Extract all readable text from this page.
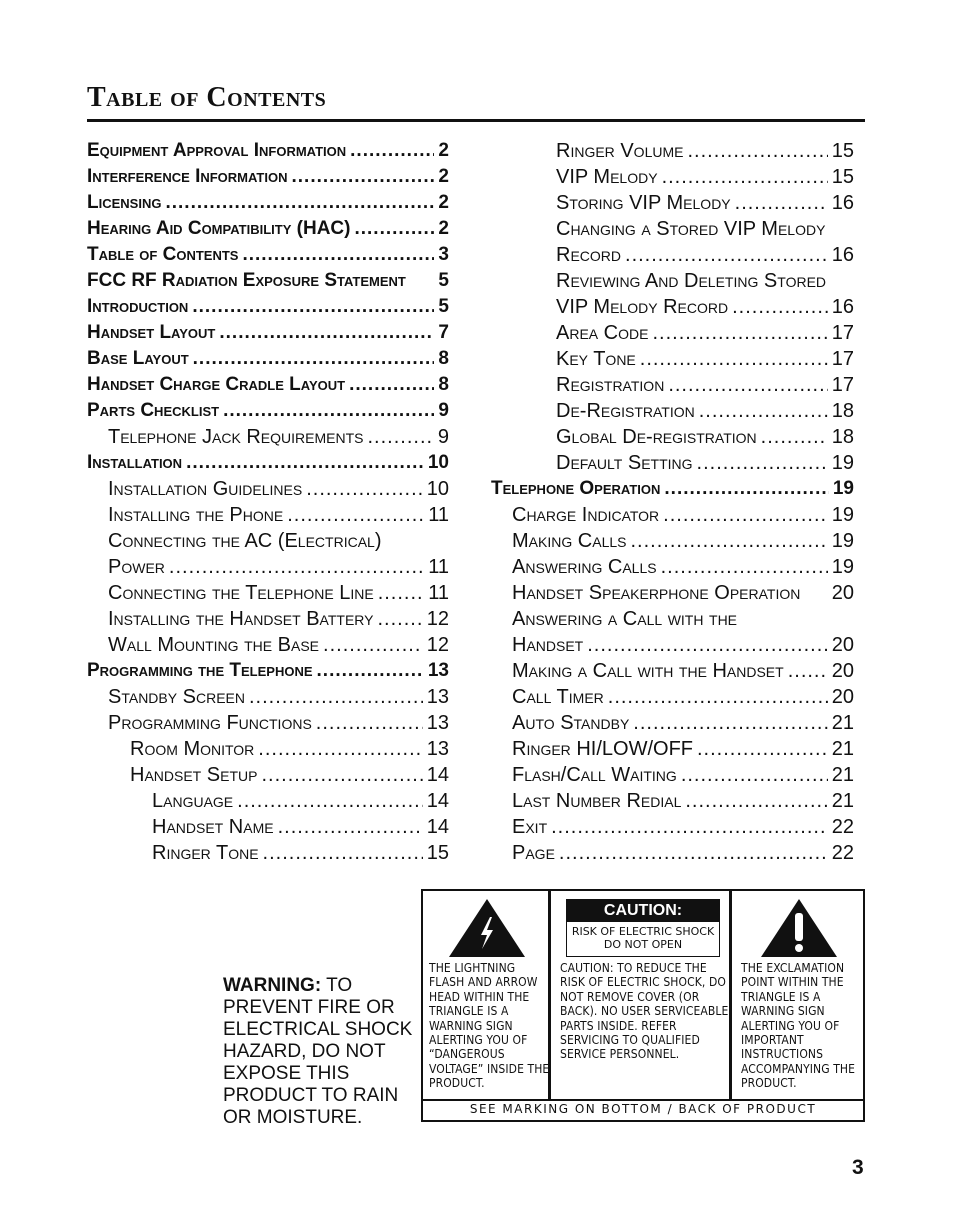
Table of Contents
Equipment Approval Information .....	2
Interference Information .....	2
Licensing .....	2
Hearing Aid Compatibility (HAC) .....	2
Table of Contents .....	3
FCC RF Radiation Exposure Statement 5
Introduction .....	5
Handset Layout .....	7
Base Layout .....	8
Handset Charge Cradle Layout .....	8
Parts Checklist .....	9
Telephone Jack Requirements .....	9
Installation .....	10
Installation Guidelines .....	10
Installing the Phone .....	11
Connecting the AC (Electrical)
Power .....	11
Connecting the Telephone Line .....	11
Installing the Handset Battery .....	12
Wall Mounting the Base .....	12
Programming the Telephone .....	13
Standby Screen .....	13
Programming Functions .....	13
Room Monitor .....	13
Handset Setup .....	14
Language .....	14
Handset Name .....	14
Ringer Tone .....	15
Ringer Volume .....	15
VIP Melody .....	15
Storing VIP Melody .....	16
Changing a Stored VIP Melody
Record .....	16
Reviewing And Deleting Stored
VIP Melody Record .....	16
Area Code .....	17
Key Tone .....	17
Registration .....	17
De-Registration .....	18
Global De-registration .....	18
Default Setting .....	19
Telephone Operation .....	19
Charge Indicator .....	19
Making Calls .....	19
Answering Calls .....	19
Handset Speakerphone Operation 20
Answering a Call with the
Handset .....	20
Making a Call with the Handset ..... 20
Call Timer .....	20
Auto Standby .....	21
Ringer HI/LOW/OFF .....	21
Flash/Call Waiting .....	21
Last Number Redial .....	21
Exit .....	22
Page .....	22
WARNING: TO PREVENT FIRE OR ELECTRICAL SHOCK HAZARD, DO NOT EXPOSE THIS PRODUCT TO RAIN OR MOISTURE.
THE LIGHTNING FLASH AND ARROW HEAD WITHIN THE TRIANGLE IS A WARNING SIGN ALERTING YOU OF “DANGEROUS VOLTAGE” INSIDE THE PRODUCT.
CAUTION:
RISK OF ELECTRIC SHOCK DO NOT OPEN
CAUTION: TO REDUCE THE RISK OF ELECTRIC SHOCK, DO NOT REMOVE COVER (OR BACK). NO USER SERVICEABLE PARTS INSIDE. REFER SERVICING TO QUALIFIED SERVICE PERSONNEL.
THE EXCLAMATION POINT WITHIN THE TRIANGLE IS A WARNING SIGN ALERTING YOU OF IMPORTANT INSTRUCTIONS ACCOMPANYING THE PRODUCT.
SEE MARKING ON BOTTOM / BACK OF PRODUCT
3
